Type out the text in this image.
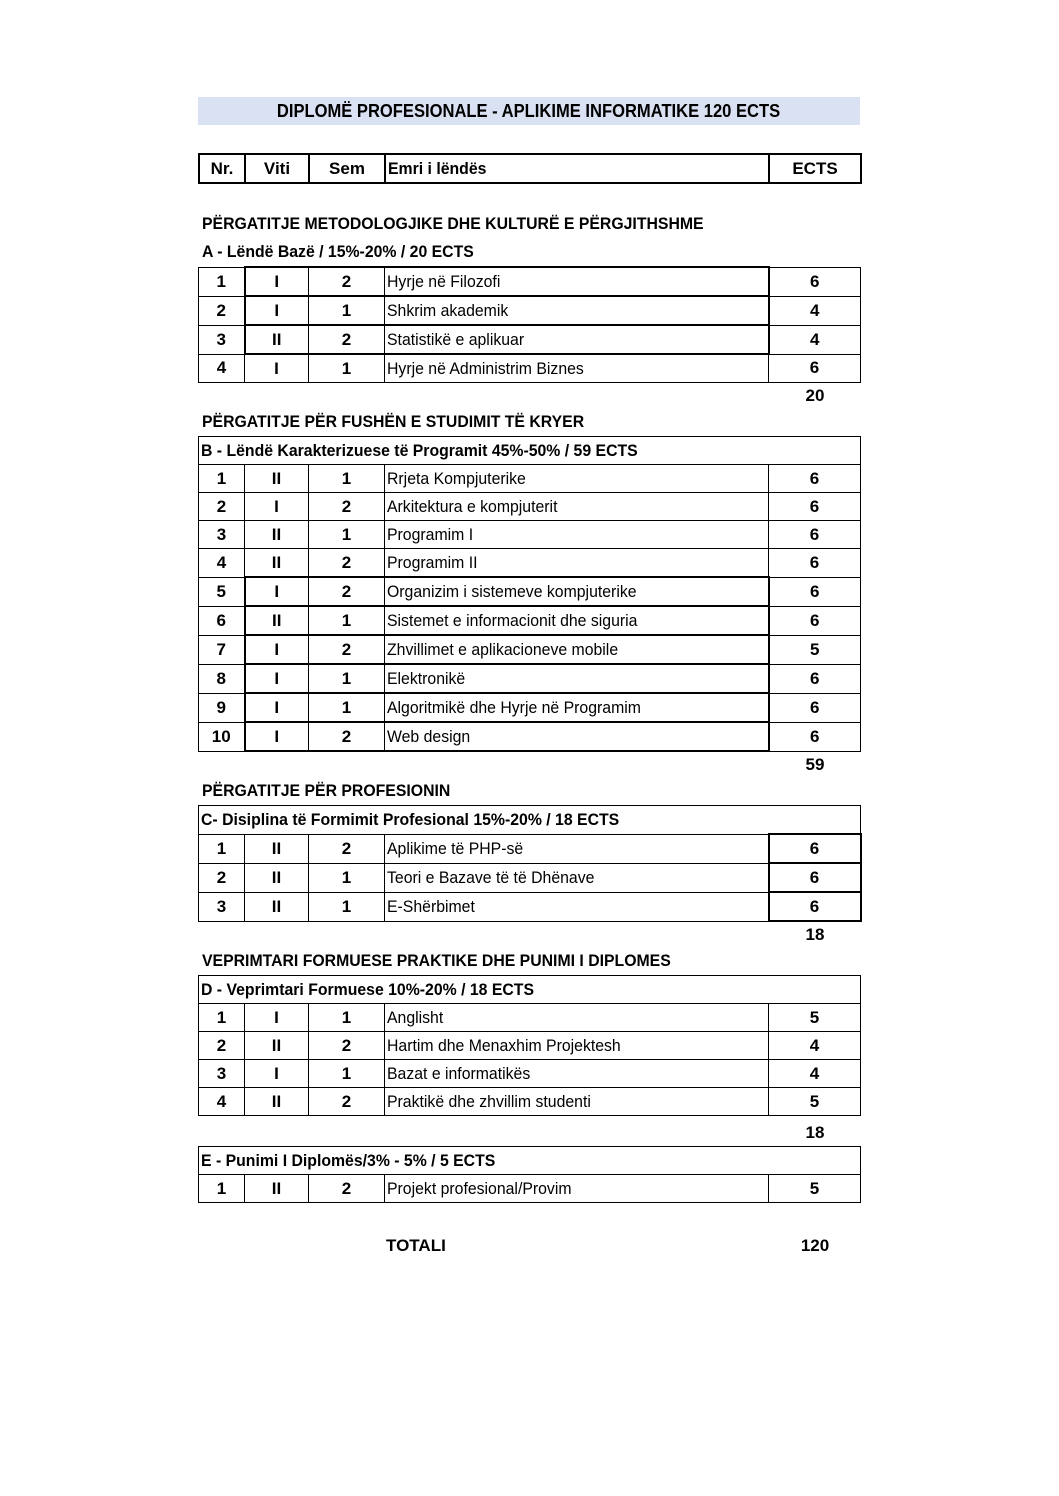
DIPLOMË PROFESIONALE - APLIKIME INFORMATIKE 120 ECTS
Nr.	Viti	Sem	Emri i lëndës	ECTS
PËRGATITJE METODOLOGJIKE DHE KULTURË E PËRGJITHSHME
A - Lëndë Bazë / 15%-20% / 20 ECTS
1	I	2	Hyrje në Filozofi	6
2	I	1	Shkrim akademik	4
3	II	2	Statistikë e aplikuar	4
4	I	1	Hyrje në Administrim Biznes	6
20
PËRGATITJE PËR FUSHËN E STUDIMIT TË KRYER
B - Lëndë Karakterizuese të Programit 45%-50% / 59 ECTS				
1	II	1	Rrjeta Kompjuterike	6
2	I	2	Arkitektura e kompjuterit	6
3	II	1	Programim I	6
4	II	2	Programim II	6
5	I	2	Organizim i sistemeve kompjuterike	6
6	II	1	Sistemet e informacionit dhe siguria	6
7	I	2	Zhvillimet e aplikacioneve mobile	5
8	I	1	Elektronikë	6
9	I	1	Algoritmikë dhe Hyrje në Programim	6
10	I	2	Web design	6
59
PËRGATITJE PËR PROFESIONIN
C- Disiplina të Formimit Profesional 15%-20% / 18 ECTS				
1	II	2	Aplikime të PHP-së	6
2	II	1	Teori e Bazave të të Dhënave	6
3	II	1	E-Shërbimet	6
18
VEPRIMTARI FORMUESE PRAKTIKE DHE PUNIMI I DIPLOMES
D - Veprimtari Formuese 10%-20% / 18 ECTS				
1	I	1	Anglisht	5
2	II	2	Hartim dhe Menaxhim Projektesh	4
3	I	1	Bazat e informatikës	4
4	II	2	Praktikë dhe zhvillim studenti	5
18
E - Punimi I Diplomës/3% - 5% / 5 ECTS
1	II	2	Projekt profesional/Provim	5
TOTALI	120
